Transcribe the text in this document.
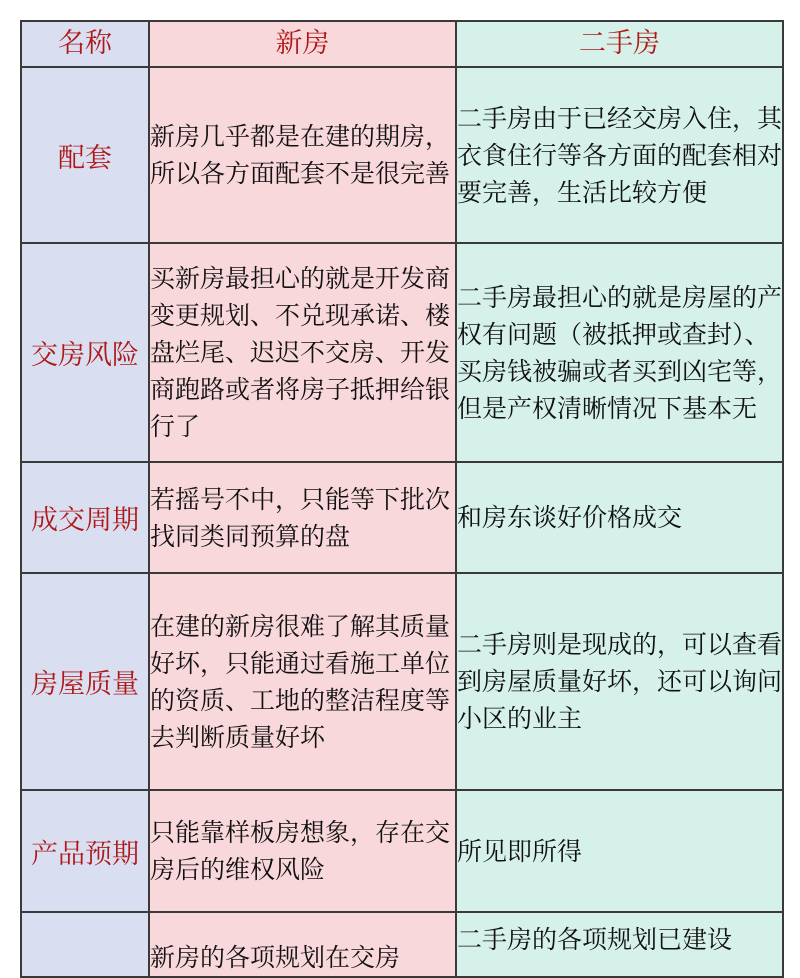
名称	新房	二手房
配套	新房几乎都是在建的期房，所以各方面配套不是很完善	二手房由于已经交房入住，其衣食住行等各方面的配套相对要完善，生活比较方便

交房风险	买新房最担心的就是开发商变更规划、不兑现承诺、楼盘烂尾、迟迟不交房、开发商跑路或者将房子抵押给银行了	二手房最担心的就是房屋的产权有问题（被抵押或查封）、买房钱被骗或者买到凶宅等，但是产权清晰情况下基本无

成交周期	若摇号不中，只能等下批次找同类同预算的盘	和房东谈好价格成交

房屋质量	在建的新房很难了解其质量好坏，只能通过看施工单位的资质、工地的整洁程度等去判断质量好坏	二手房则是现成的，可以查看到房屋质量好坏，还可以询问小区的业主

产品预期	只能靠样板房想象，存在交房后的维权风险	所见即所得

	新房的各项规划在交房	二手房的各项规划已建设
